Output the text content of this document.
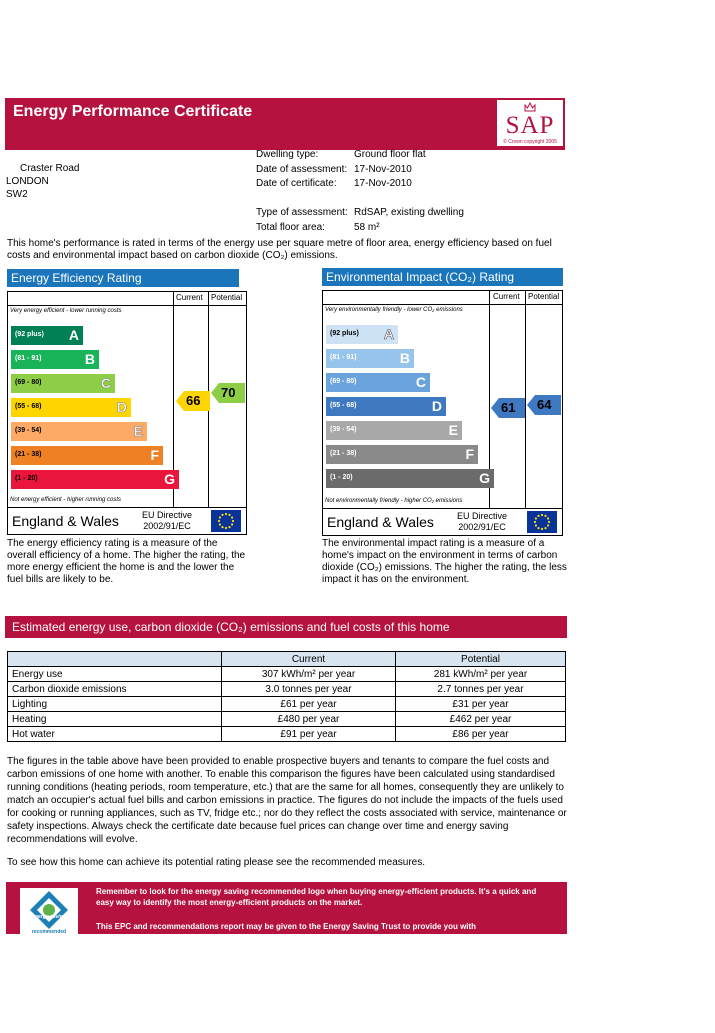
Energy Performance Certificate
SAP
© Crown copyright 2005
Craster Road
LONDON
SW2
Dwelling type:	Ground floor flat
Date of assessment: 17-Nov-2010
Date of certificate: 17-Nov-2010
Type of assessment: RdSAP, existing dwelling
Total floor area:	58 m²
This home's performance is rated in terms of the energy use per square metre of floor area, energy efficiency based on fuel costs and environmental impact based on carbon dioxide (CO₂) emissions.
Energy Efficiency Rating
Current Potential
Very energy efficient - lower running costs
Not energy efficient - higher running costs
England & Wales	EU Directive
2002/91/EC
(92 plus) A
(81 - 91)	B
(69 - 80)	C
(55 - 68)	D
(39 - 54)	E
(21 - 38)	F
(1 - 20)	G
66
70
The energy efficiency rating is a measure of the overall efficiency of a home. The higher the rating, the more energy efficient the home is and the lower the fuel bills are likely to be.
Environmental Impact (CO₂) Rating
Current Potential
Very environmentally friendly - lower CO₂ emissions
Not environmentally friendly - higher CO₂ emissions
England & Wales	EU Directive
2002/91/EC
(92 plus) A
(81 - 91)	B
(69 - 80)	C
(55 - 68)	D
(39 - 54)	E
(21 - 38)	F
(1 - 20)	G
61 64
The environmental impact rating is a measure of a home's impact on the environment in terms of carbon dioxide (CO₂) emissions. The higher the rating, the less impact it has on the environment.
Estimated energy use, carbon dioxide (CO₂) emissions and fuel costs of this home
	Current	Potential
Energy use	307 kWh/m² per year	281 kWh/m² per year
Carbon dioxide emissions	3.0 tonnes per year	2.7 tonnes per year
Lighting	£61 per year	£31 per year
Heating	£480 per year	£462 per year
Hot water	£91 per year	£86 per year
The figures in the table above have been provided to enable prospective buyers and tenants to compare the fuel costs and carbon emissions of one home with another. To enable this comparison the figures have been calculated using standardised running conditions (heating periods, room temperature, etc.) that are the same for all homes, consequently they are unlikely to match an occupier's actual fuel bills and carbon emissions in practice. The figures do not include the impacts of the fuels used for cooking or running appliances, such as TV, fridge etc.; nor do they reflect the costs associated with service, maintenance or safety inspections. Always check the certificate date because fuel prices can change over time and energy saving recommendations will evolve.
To see how this home can achieve its potential rating please see the recommended measures.
energy saving
recommended
Remember to look for the energy saving recommended logo when buying energy-efficient products. It's a quick and easy way to identify the most energy-efficient products on the market.
This EPC and recommendations report may be given to the Energy Saving Trust to provide you with
